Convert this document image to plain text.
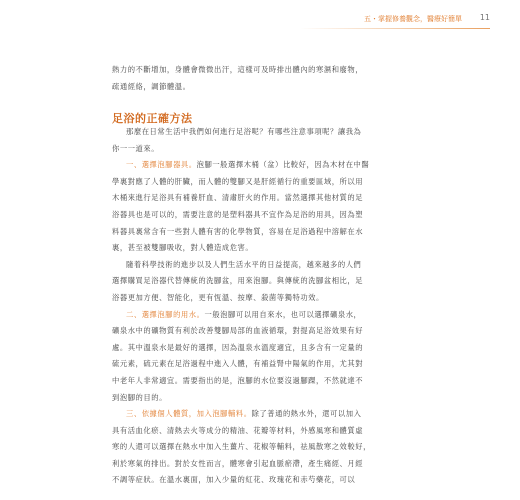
五・掌握修養觀念，醫療好簡單 11
熱力的不斷增加，身體會微微出汗，這樣可及時排出體內的寒濕和廢物，
疏通經絡，調節體溫。
足浴的正確方法
那麼在日常生活中我們如何進行足浴呢？有哪些注意事項呢？讓我為
你一一道來。
一、選擇泡腳器具。泡腳一般選擇木桶（盆）比較好，因為木材在中醫
學裏對應了人體的肝臟，而人體的雙腳又是肝經循行的重要區域，所以用
木桶來進行足浴具有補養肝血、清肅肝火的作用。當然選擇其他材質的足
浴器具也是可以的，需要注意的是塑料器具不宜作為足浴的用具，因為塑
料器具裏常含有一些對人體有害的化學物質，容易在足浴過程中溶解在水
裏，甚至被雙腳吸收，對人體造成危害。
隨着科學技術的進步以及人們生活水平的日益提高，越來越多的人們
選擇購買足浴器代替傳統的洗腳盆，用來泡腳。與傳統的洗腳盆相比，足
浴器更加方便、智能化，更有恆溫、按摩、殺菌等獨特功效。
二、選擇泡腳的用水。一般泡腳可以用自來水，也可以選擇礦泉水，
礦泉水中的礦物質有利於改善雙腳局部的血液循環，對提高足浴效果有好
處。其中溫泉水是最好的選擇，因為溫泉水溫度適宜，且多含有一定量的
硫元素，硫元素在足浴過程中進入人體，有補益腎中陽氣的作用，尤其對
中老年人非常適宜。需要指出的是，泡腳的水位要沒過腳踝，不然就達不
到泡腳的目的。
三、依據個人體質，加入泡腳輔料。除了普通的熱水外，還可以加入
具有活血化瘀、清熱去火等成分的精油、花瓣等材料，外感風寒和體質虛
寒的人還可以選擇在熱水中加入生薑片、花椒等輔料，祛風散寒之效較好，
利於寒氣的排出。對於女性而言，體寒會引起血脈瘀滯，產生痛經、月經
不調等症狀。在溫水裏面，加入少量的紅花、玫瑰花和赤芍藥花，可以
